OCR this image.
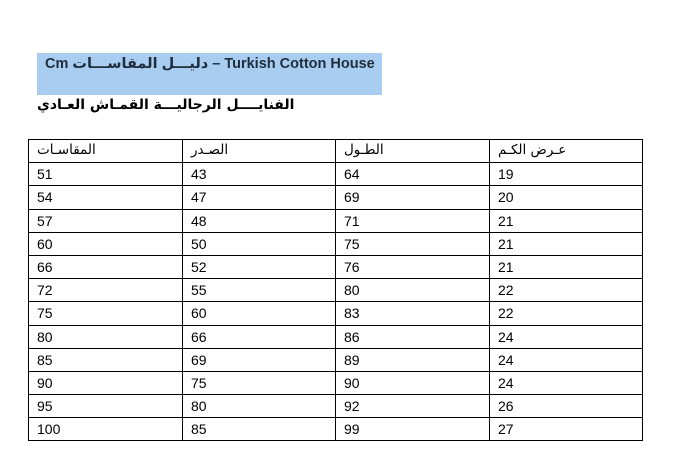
Cm دليـــل المقاســـات – Turkish Cotton House
الفنايــــل الرجاليـــة القمـاش العـادي
المقاسـات	الصـدر	الطـول	عـرض الكـم
51	43	64	19
54	47	69	20
57	48	71	21
60	50	75	21
66	52	76	21
72	55	80	22
75	60	83	22
80	66	86	24
85	69	89	24
90	75	90	24
95	80	92	26
100	85	99	27
